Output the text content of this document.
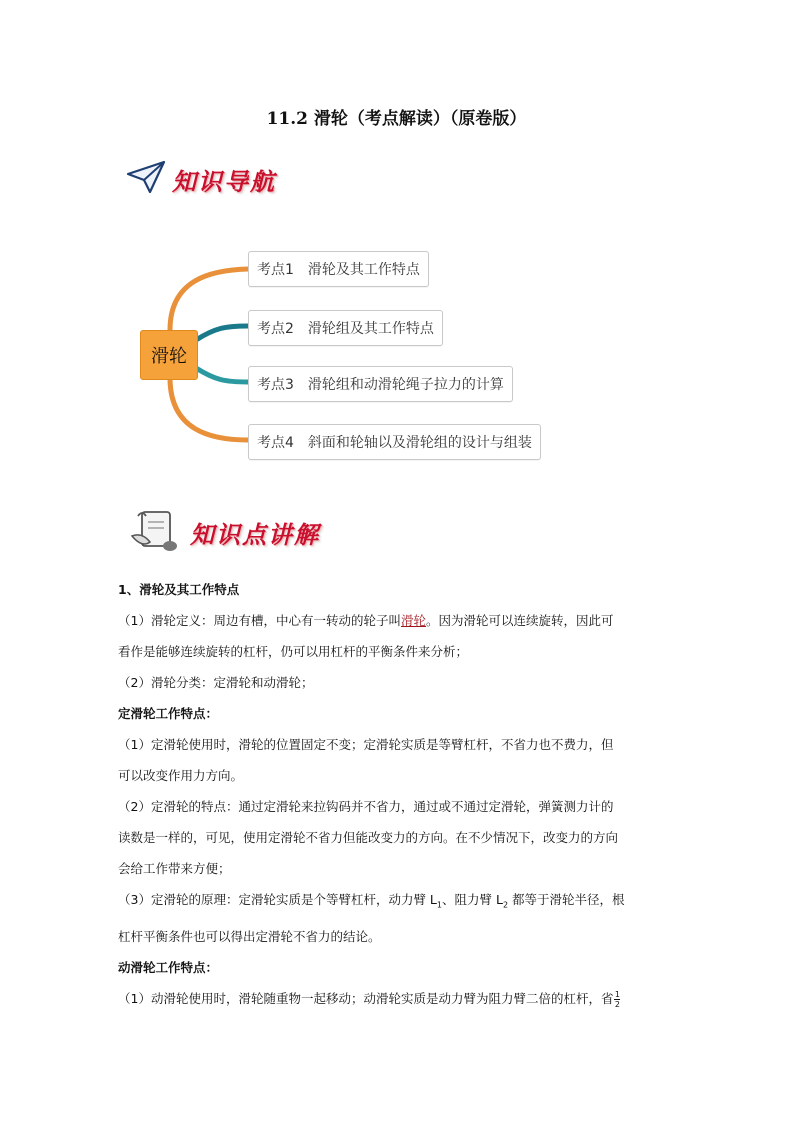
11.2 滑轮（考点解读）（原卷版）
知识导航
滑轮
考点1 滑轮及其工作特点
考点2 滑轮组及其工作特点
考点3 滑轮组和动滑轮绳子拉力的计算
考点4 斜面和轮轴以及滑轮组的设计与组装
知识点讲解

1、滑轮及其工作特点

（1）滑轮定义：周边有槽，中心有一转动的轮子叫滑轮。因为滑轮可以连续旋转，因此可

看作是能够连续旋转的杠杆，仍可以用杠杆的平衡条件来分析；

（2）滑轮分类：定滑轮和动滑轮；

定滑轮工作特点：

（1）定滑轮使用时，滑轮的位置固定不变；定滑轮实质是等臂杠杆，不省力也不费力，但

可以改变作用力方向。

（2）定滑轮的特点：通过定滑轮来拉钩码并不省力，通过或不通过定滑轮，弹簧测力计的

读数是一样的，可见，使用定滑轮不省力但能改变力的方向。在不少情况下，改变力的方向

会给工作带来方便；

（3）定滑轮的原理：定滑轮实质是个等臂杠杆，动力臂 $L_1$、阻力臂 $L_2$ 都等于滑轮半径，根

杠杆平衡条件也可以得出定滑轮不省力的结论。

动滑轮工作特点：

（1）动滑轮使用时，滑轮随重物一起移动；动滑轮实质是动力臂为阻力臂二倍的杠杆，省 $\frac{1}{2}$
